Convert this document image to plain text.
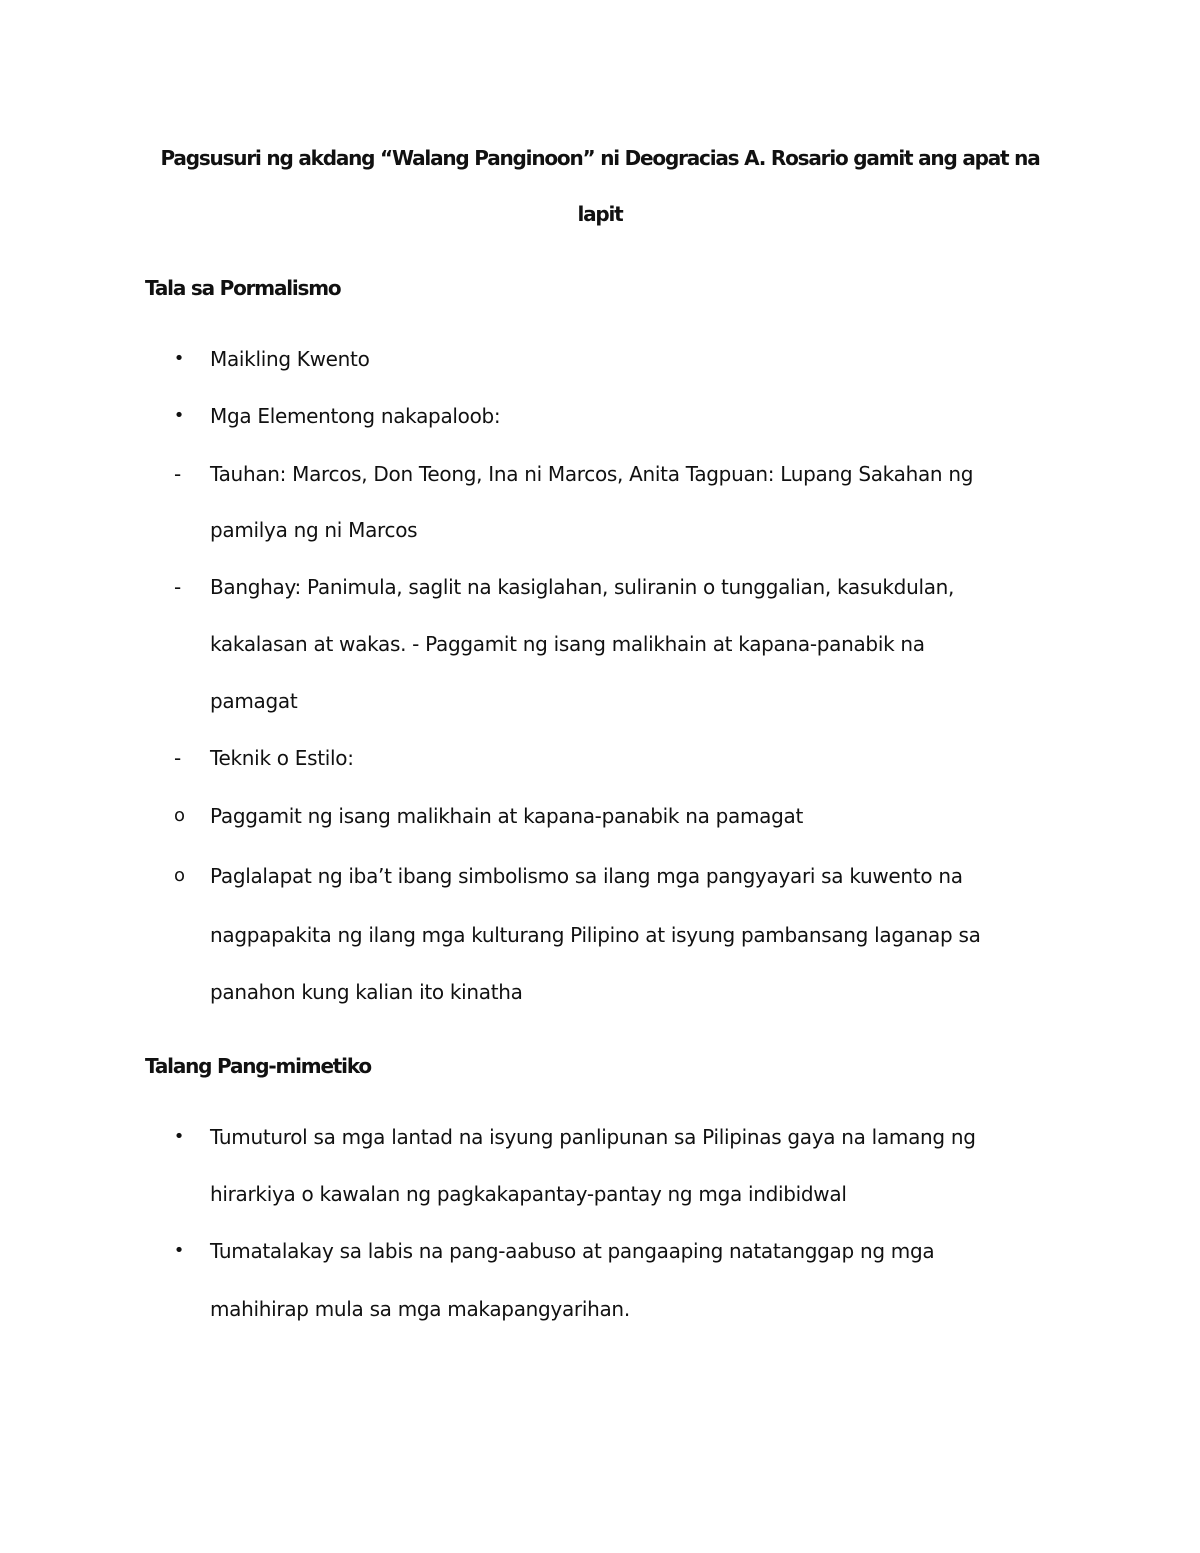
Pagsusuri ng akdang “Walang Panginoon” ni Deogracias A. Rosario gamit ang apat na
lapit
Tala sa Pormalismo
• Maikling Kwento
• Mga Elementong nakapaloob:
- Tauhan: Marcos, Don Teong, Ina ni Marcos, Anita Tagpuan: Lupang Sakahan ng
pamilya ng ni Marcos
- Banghay: Panimula, saglit na kasiglahan, suliranin o tunggalian, kasukdulan,
kakalasan at wakas. - Paggamit ng isang malikhain at kapana-panabik na
pamagat
- Teknik o Estilo:
o Paggamit ng isang malikhain at kapana-panabik na pamagat
o Paglalapat ng iba’t ibang simbolismo sa ilang mga pangyayari sa kuwento na
nagpapakita ng ilang mga kulturang Pilipino at isyung pambansang laganap sa
panahon kung kalian ito kinatha
Talang Pang-mimetiko
• Tumuturol sa mga lantad na isyung panlipunan sa Pilipinas gaya na lamang ng
hirarkiya o kawalan ng pagkakapantay-pantay ng mga indibidwal
• Tumatalakay sa labis na pang-aabuso at pangaaping natatanggap ng mga
mahihirap mula sa mga makapangyarihan.
